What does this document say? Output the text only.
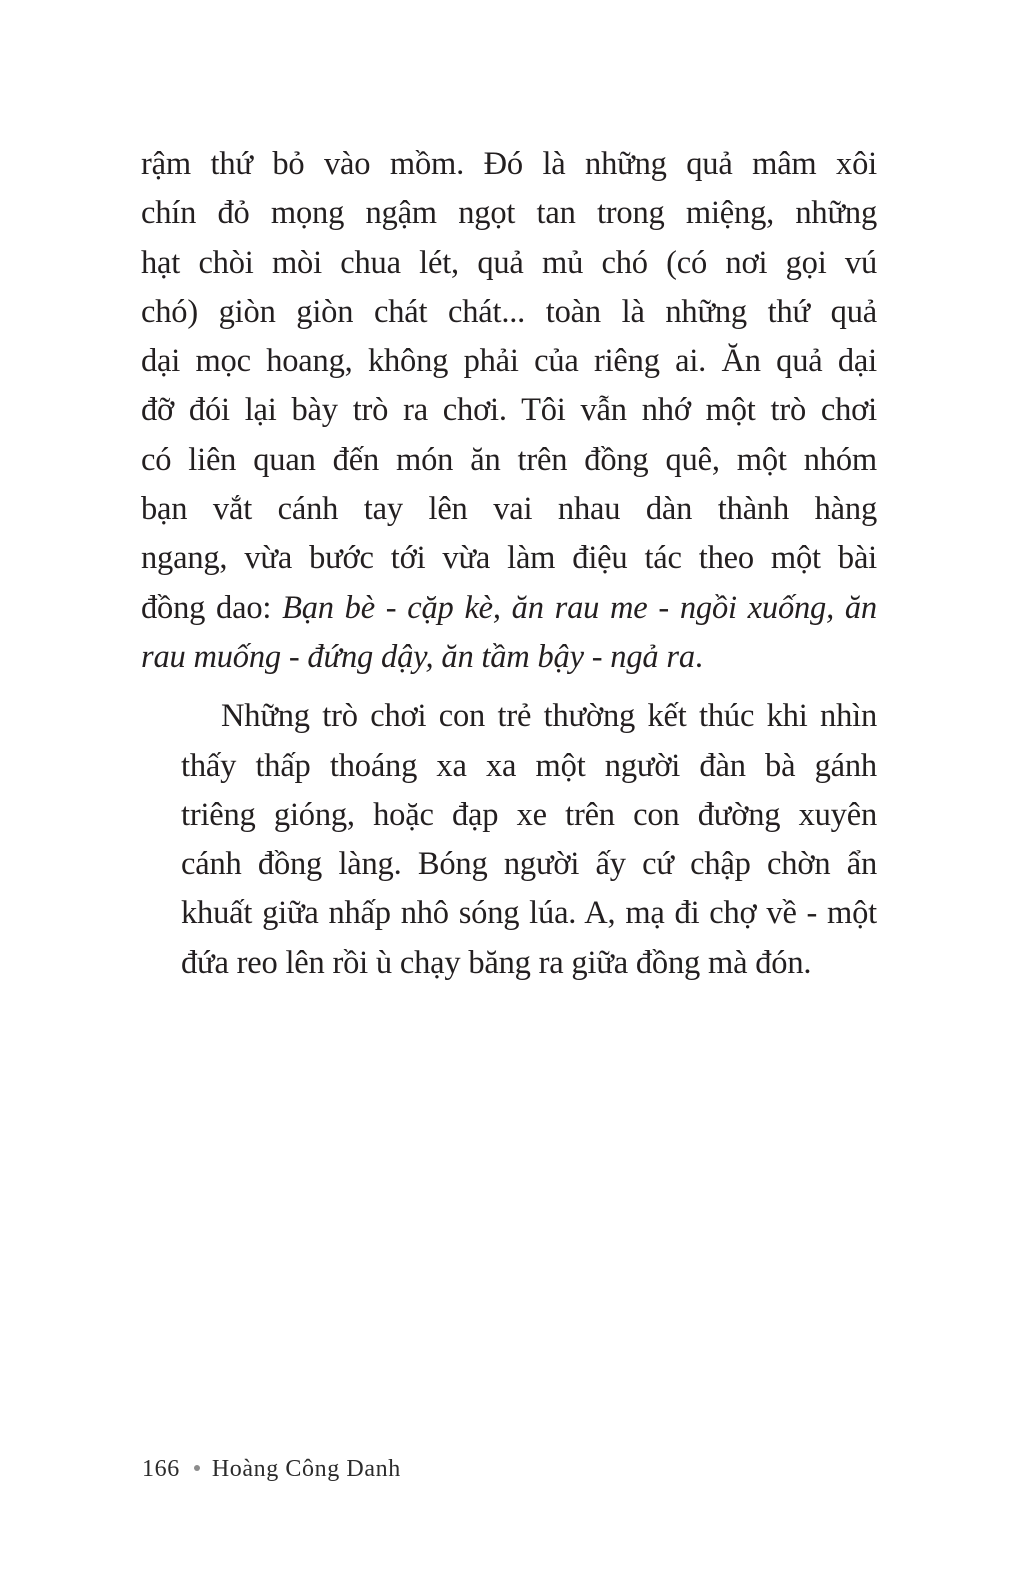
rậm thứ bỏ vào mồm. Đó là những quả mâm xôi
chín đỏ mọng ngậm ngọt tan trong miệng, những
hạt chòi mòi chua lét, quả mủ chó (có nơi gọi vú
chó) giòn giòn chát chát... toàn là những thứ quả
dại mọc hoang, không phải của riêng ai. Ăn quả dại
đỡ đói lại bày trò ra chơi. Tôi vẫn nhớ một trò chơi
có liên quan đến món ăn trên đồng quê, một nhóm
bạn vắt cánh tay lên vai nhau dàn thành hàng
ngang, vừa bước tới vừa làm điệu tác theo một bài
đồng dao: Bạn bè - cặp kè, ăn rau me - ngồi xuống, ăn
rau muống - đứng dậy, ăn tầm bậy - ngả ra.
Những trò chơi con trẻ thường kết thúc khi nhìn
thấy thấp thoáng xa xa một người đàn bà gánh
triêng gióng, hoặc đạp xe trên con đường xuyên
cánh đồng làng. Bóng người ấy cứ chập chờn ẩn
khuất giữa nhấp nhô sóng lúa. A, mạ đi chợ về - một
đứa reo lên rồi ù chạy băng ra giữa đồng mà đón.
166 Hoàng Công Danh
